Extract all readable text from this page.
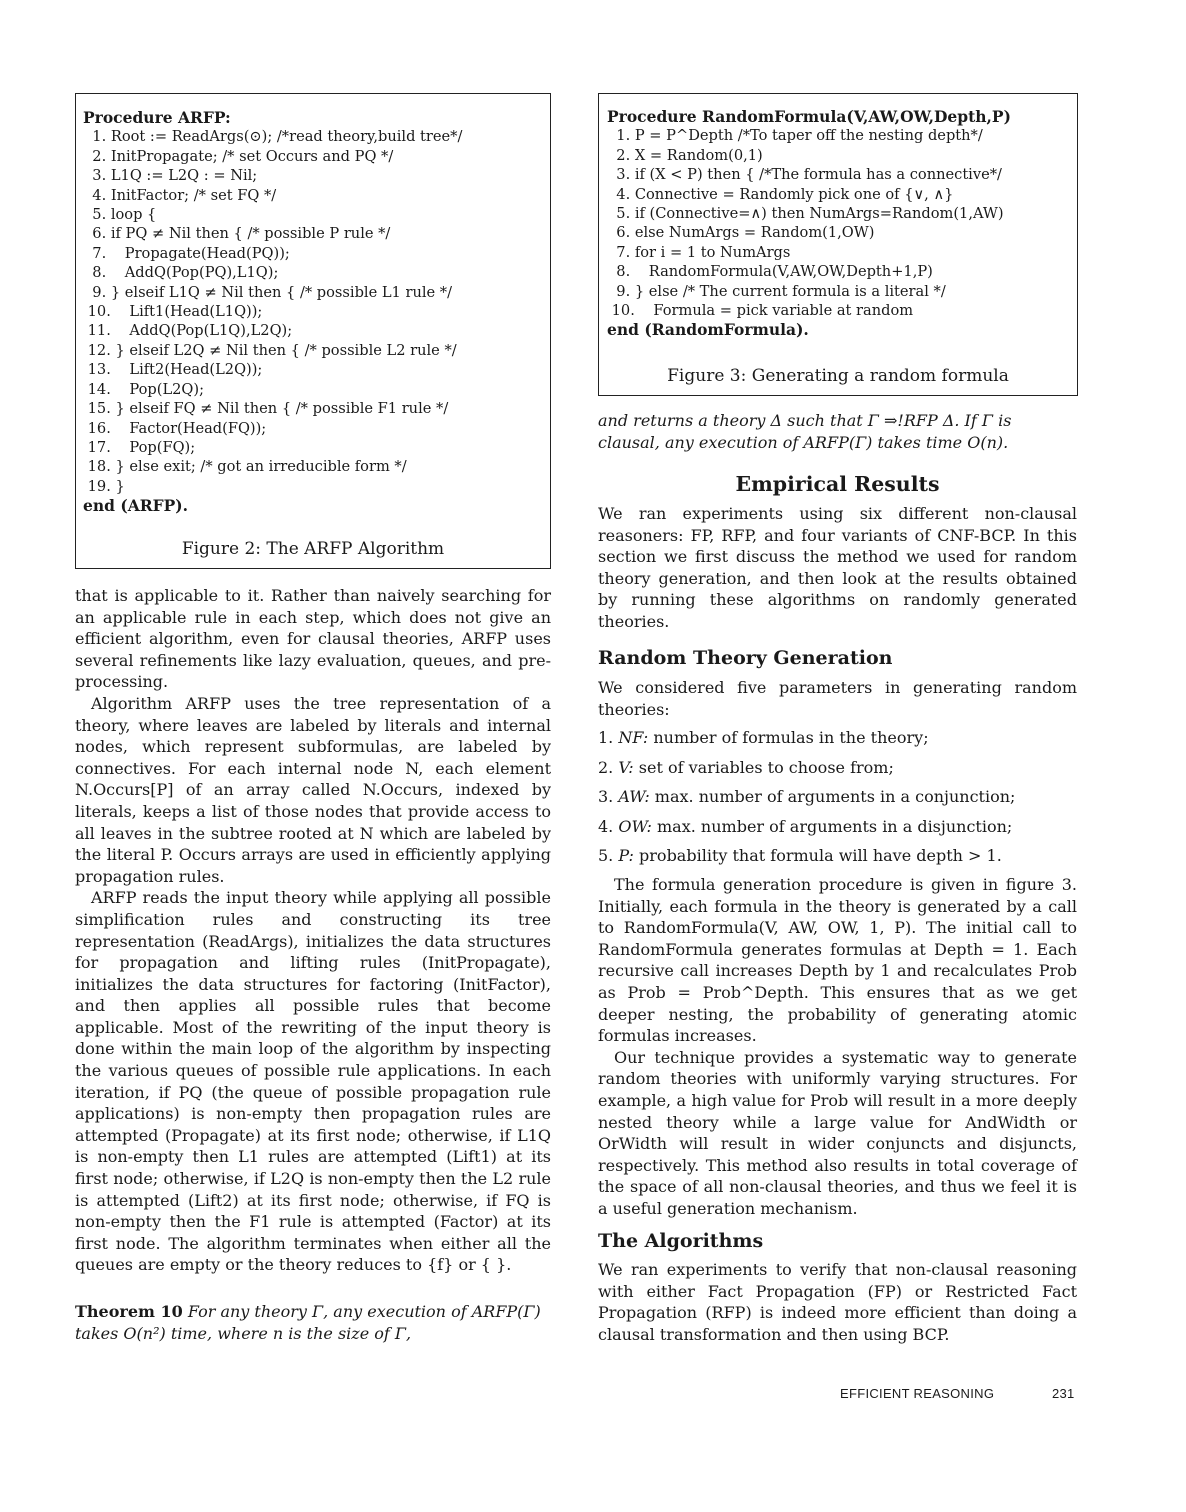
Procedure ARFP:
1. Root := ReadArgs(⊙); /*read theory,build tree*/
2. InitPropagate; /* set Occurs and PQ */
3. L1Q := L2Q : = Nil;
4. InitFactor; /* set FQ */
5. loop {
6. if PQ ≠ Nil then { /* possible P rule */
7.    Propagate(Head(PQ));
8.    AddQ(Pop(PQ),L1Q);
9. } elseif L1Q ≠ Nil then { /* possible L1 rule */
10.    Lift1(Head(L1Q));
11.    AddQ(Pop(L1Q),L2Q);
12. } elseif L2Q ≠ Nil then { /* possible L2 rule */
13.    Lift2(Head(L2Q));
14.    Pop(L2Q);
15. } elseif FQ ≠ Nil then { /* possible F1 rule */
16.    Factor(Head(FQ));
17.    Pop(FQ);
18. } else exit; /* got an irreducible form */
19. }
end (ARFP).
Figure 2: The ARFP Algorithm
Procedure RandomFormula(V,AW,OW,Depth,P)
1. P = P^Depth /*To taper off the nesting depth*/
2. X = Random(0,1)
3. if (X < P) then { /*The formula has a connective*/
4. Connective = Randomly pick one of {∨, ∧}
5. if (Connective=∧) then NumArgs=Random(1,AW)
6. else NumArgs = Random(1,OW)
7. for i = 1 to NumArgs
8.    RandomFormula(V,AW,OW,Depth+1,P)
9. } else /* The current formula is a literal */
10.    Formula = pick variable at random
end (RandomFormula).
Figure 3: Generating a random formula

that is applicable to it. Rather than naively searching for an applicable rule in each step, which does not give an efficient algorithm, even for clausal theories, ARFP uses several refinements like lazy evaluation, queues, and pre-processing.

Algorithm ARFP uses the tree representation of a theory, where leaves are labeled by literals and internal nodes, which represent subformulas, are labeled by connectives. For each internal node N, each element N.Occurs[P] of an array called N.Occurs, indexed by literals, keeps a list of those nodes that provide access to all leaves in the subtree rooted at N which are labeled by the literal P. Occurs arrays are used in efficiently applying propagation rules.

ARFP reads the input theory while applying all possible simplification rules and constructing its tree representation (ReadArgs), initializes the data structures for propagation and lifting rules (InitPropagate), initializes the data structures for factoring (InitFactor), and then applies all possible rules that become applicable. Most of the rewriting of the input theory is done within the main loop of the algorithm by inspecting the various queues of possible rule applications. In each iteration, if PQ (the queue of possible propagation rule applications) is non-empty then propagation rules are attempted (Propagate) at its first node; otherwise, if L1Q is non-empty then L1 rules are attempted (Lift1) at its first node; otherwise, if L2Q is non-empty then the L2 rule is attempted (Lift2) at its first node; otherwise, if FQ is non-empty then the F1 rule is attempted (Factor) at its first node. The algorithm terminates when either all the queues are empty or the theory reduces to {f} or { }.

Theorem 10 For any theory Γ, any execution of ARFP(Γ) takes O(n²) time, where n is the size of Γ,
and returns a theory Δ such that Γ ⇒!RFP Δ. If Γ is clausal, any execution of ARFP(Γ) takes time O(n).
Empirical Results

We ran experiments using six different non-clausal reasoners: FP, RFP, and four variants of CNF-BCP. In this section we first discuss the method we used for random theory generation, and then look at the results obtained by running these algorithms on randomly generated theories.

Random Theory Generation

We considered five parameters in generating random theories:

1. NF: number of formulas in the theory;
2. V: set of variables to choose from;
3. AW: max. number of arguments in a conjunction;
4. OW: max. number of arguments in a disjunction;
5. P: probability that formula will have depth > 1.

The formula generation procedure is given in figure 3. Initially, each formula in the theory is generated by a call to RandomFormula(V, AW, OW, 1, P). The initial call to RandomFormula generates formulas at Depth = 1. Each recursive call increases Depth by 1 and recalculates Prob as Prob = Prob^Depth. This ensures that as we get deeper nesting, the probability of generating atomic formulas increases.

Our technique provides a systematic way to generate random theories with uniformly varying structures. For example, a high value for Prob will result in a more deeply nested theory while a large value for AndWidth or OrWidth will result in wider conjuncts and disjuncts, respectively. This method also results in total coverage of the space of all non-clausal theories, and thus we feel it is a useful generation mechanism.

The Algorithms

We ran experiments to verify that non-clausal reasoning with either Fact Propagation (FP) or Restricted Fact Propagation (RFP) is indeed more efficient than doing a clausal transformation and then using BCP.

EFFICIENT REASONING	231
